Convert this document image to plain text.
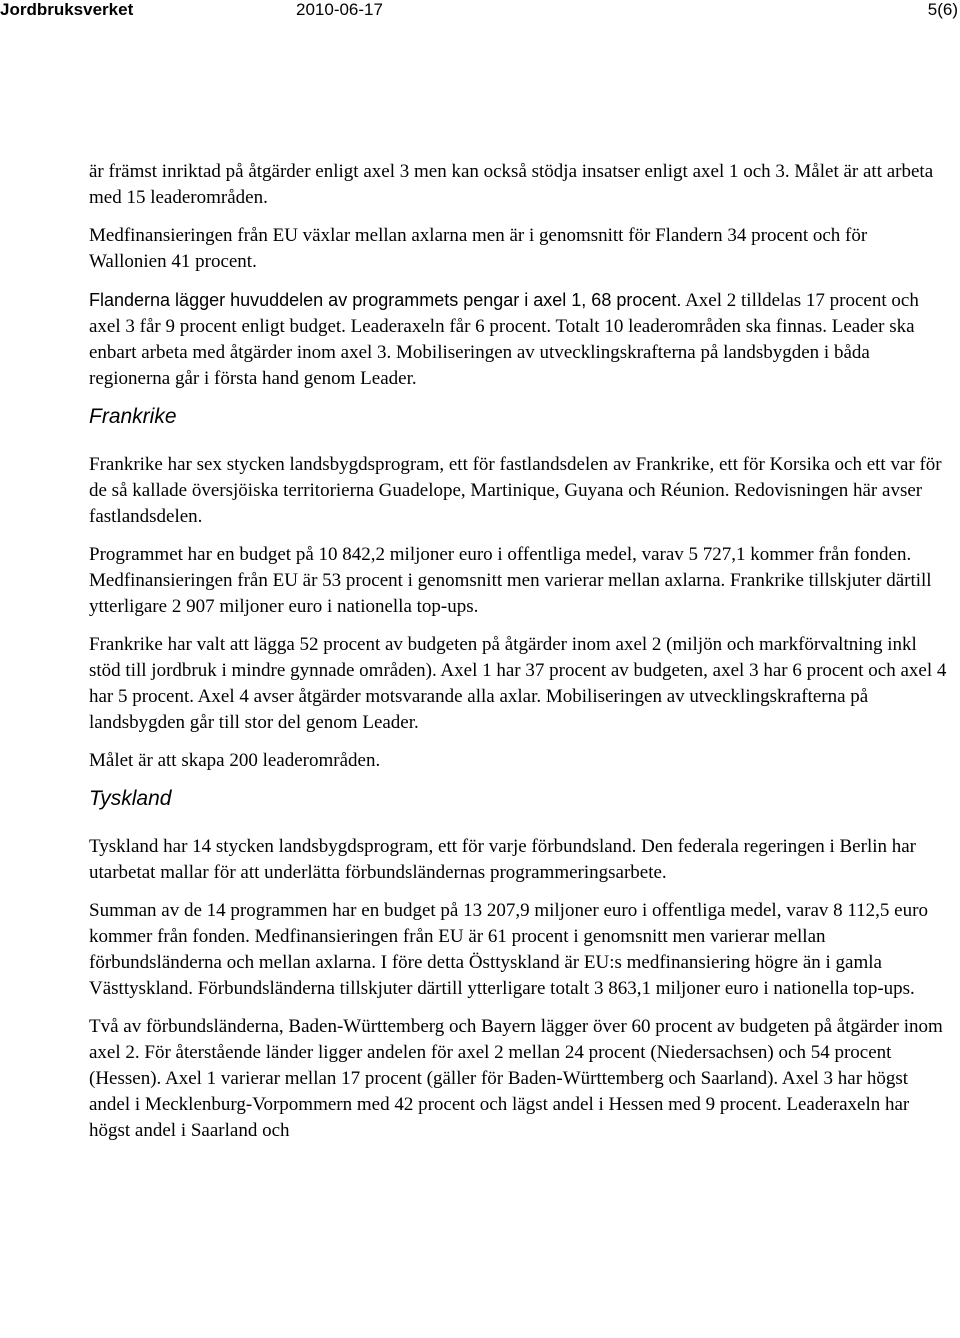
Jordbruksverket	2010-06-17	5(6)

är främst inriktad på åtgärder enligt axel 3 men kan också stödja insatser enligt axel 1 och 3. Målet är att arbeta med 15 leaderområden.

Medfinansieringen från EU växlar mellan axlarna men är i genomsnitt för Flandern 34 procent och för Wallonien 41 procent.

Flanderna lägger huvuddelen av programmets pengar i axel 1, 68 procent. Axel 2 tilldelas 17 procent och axel 3 får 9 procent enligt budget. Leaderaxeln får 6 procent. Totalt 10 leaderområden ska finnas. Leader ska enbart arbeta med åtgärder inom axel 3. Mobiliseringen av utvecklingskrafterna på landsbygden i båda regionerna går i första hand genom Leader.

Frankrike

Frankrike har sex stycken landsbygdsprogram, ett för fastlandsdelen av Frankrike, ett för Korsika och ett var för de så kallade översjöiska territorierna Guadelope, Martinique, Guyana och Réunion. Redovisningen här avser fastlandsdelen.

Programmet har en budget på 10 842,2 miljoner euro i offentliga medel, varav 5 727,1 kommer från fonden. Medfinansieringen från EU är 53 procent i genomsnitt men varierar mellan axlarna. Frankrike tillskjuter därtill ytterligare 2 907 miljoner euro i nationella top-ups.

Frankrike har valt att lägga 52 procent av budgeten på åtgärder inom axel 2 (miljön och markförvaltning inkl stöd till jordbruk i mindre gynnade områden). Axel 1 har 37 procent av budgeten, axel 3 har 6 procent och axel 4 har 5 procent. Axel 4 avser åtgärder motsvarande alla axlar. Mobiliseringen av utvecklingskrafterna på landsbygden går till stor del genom Leader.

Målet är att skapa 200 leaderområden.

Tyskland

Tyskland har 14 stycken landsbygdsprogram, ett för varje förbundsland. Den federala regeringen i Berlin har utarbetat mallar för att underlätta förbundsländernas programmeringsarbete.

Summan av de 14 programmen har en budget på 13 207,9 miljoner euro i offentliga medel, varav 8 112,5 euro kommer från fonden. Medfinansieringen från EU är 61 procent i genomsnitt men varierar mellan förbundsländerna och mellan axlarna. I före detta Östtyskland är EU:s medfinansiering högre än i gamla Västtyskland. Förbundsländerna tillskjuter därtill ytterligare totalt 3 863,1 miljoner euro i nationella top-ups.

Två av förbundsländerna, Baden-Württemberg och Bayern lägger över 60 procent av budgeten på åtgärder inom axel 2. För återstående länder ligger andelen för axel 2 mellan 24 procent (Niedersachsen) och 54 procent (Hessen). Axel 1 varierar mellan 17 procent (gäller för Baden-Württemberg och Saarland). Axel 3 har högst andel i Mecklenburg-Vorpommern med 42 procent och lägst andel i Hessen med 9 procent. Leaderaxeln har högst andel i Saarland och
